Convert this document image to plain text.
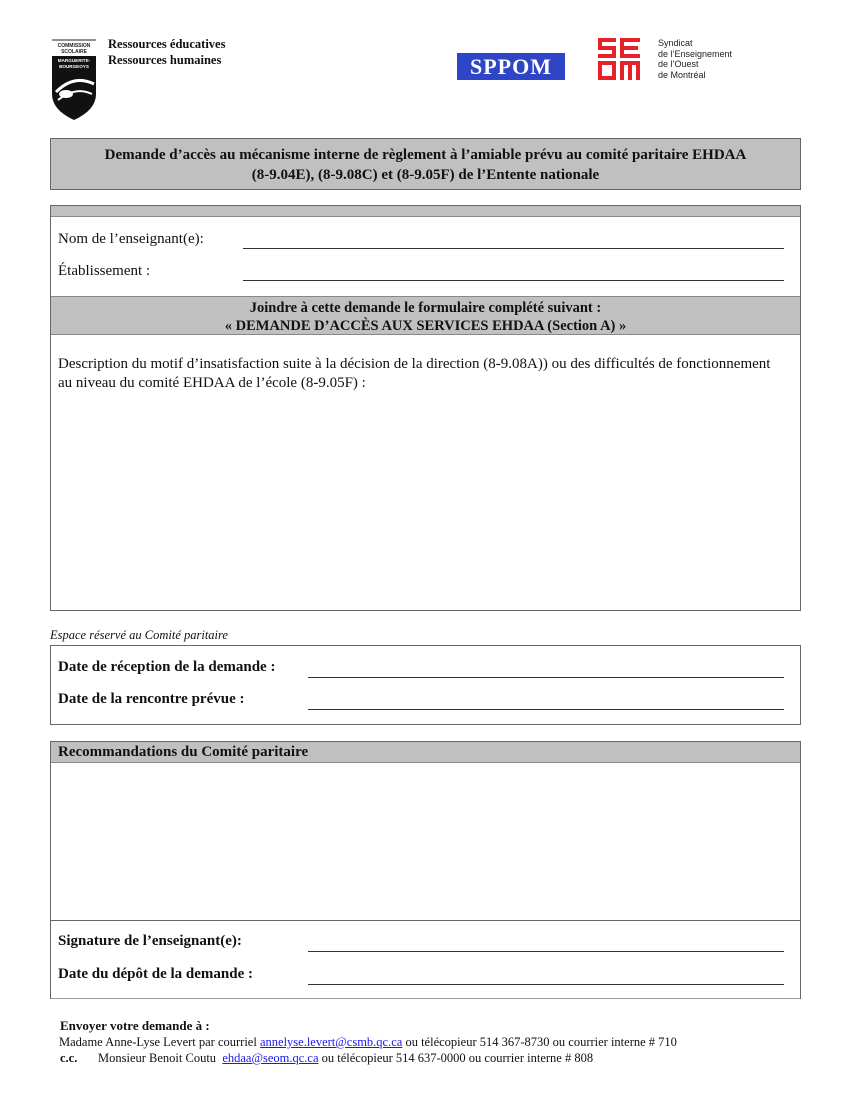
COMMISSION
SCOLAIRE
MARGUERITE-
BOURGEOYS
Ressources éducatives
Ressources humaines	SPPOM
Syndicat
de l’Enseignement
de l’Ouest
de Montréal
Demande d’accès au mécanisme interne de règlement à l’amiable prévu au comité paritaire EHDAA
(8-9.04E), (8-9.08C) et (8-9.05F) de l’Entente nationale
Nom de l’enseignant(e):
Établissement :
Joindre à cette demande le formulaire complété suivant :
« DEMANDE D’ACCÈS AUX SERVICES EHDAA (Section A) »
Description du motif d’insatisfaction suite à la décision de la direction (8-9.08A)) ou des difficultés de fonctionnement au niveau du comité EHDAA de l’école (8-9.05F) :
Espace réservé au Comité paritaire
Date de réception de la demande :
Date de la rencontre prévue :
Recommandations du Comité paritaire
Signature de l’enseignant(e):
Date du dépôt de la demande :
Envoyer votre demande à :
Madame Anne-Lyse Levert par courriel annelyse.levert@csmb.qc.ca ou télécopieur 514 367-8730 ou courrier interne # 710
c.c. Monsieur Benoit Coutu  ehdaa@seom.qc.ca ou télécopieur 514 637-0000 ou courrier interne # 808
